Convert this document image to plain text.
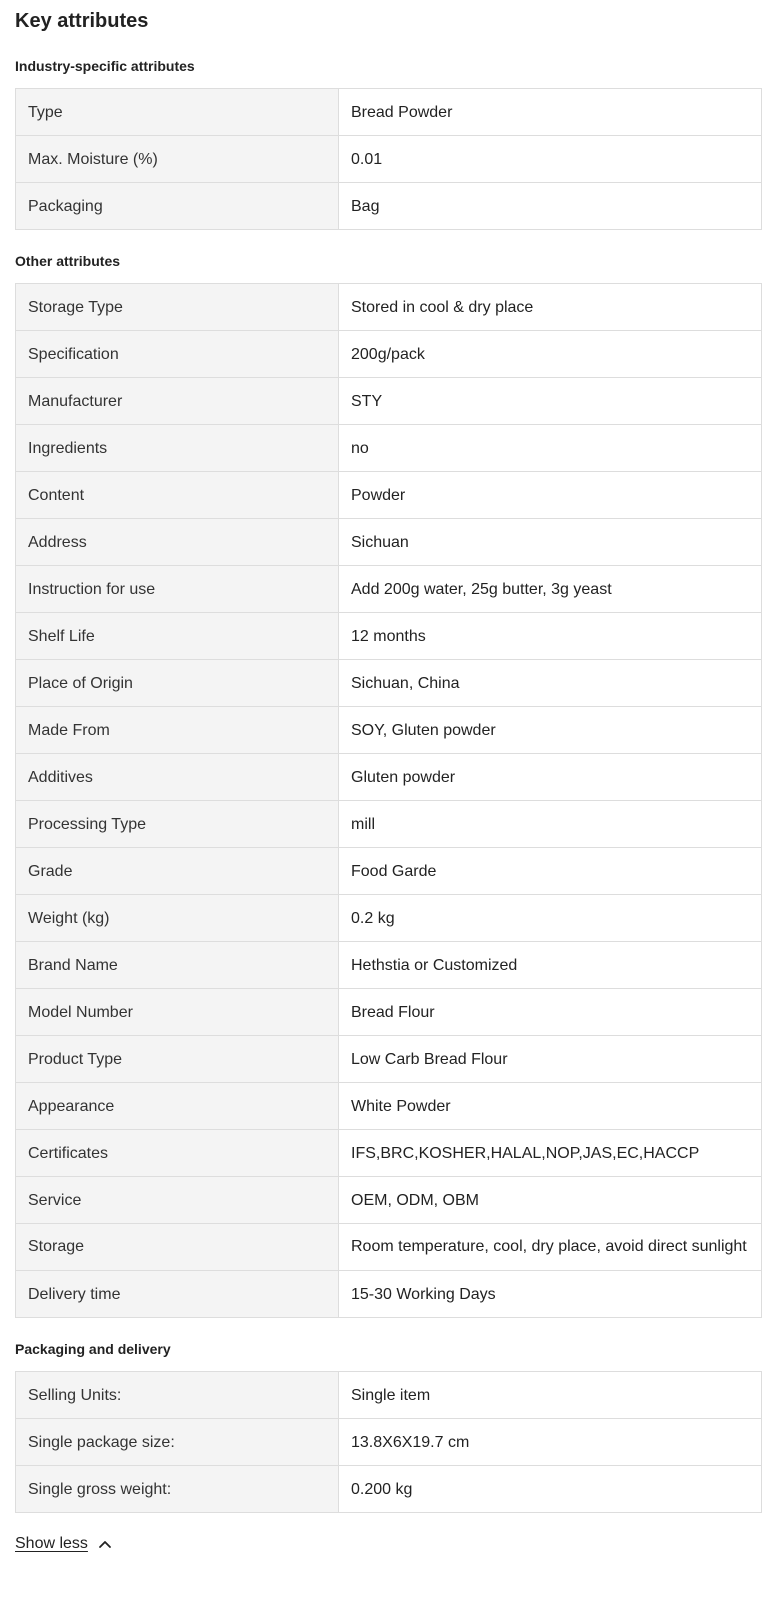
Key attributes
Industry-specific attributes
Type	Bread Powder
Max. Moisture (%)	0.01
Packaging	Bag
Other attributes
Storage Type	Stored in cool & dry place
Specification	200g/pack
Manufacturer	STY
Ingredients	no
Content	Powder
Address	Sichuan
Instruction for use	Add 200g water, 25g butter, 3g yeast
Shelf Life	12 months
Place of Origin	Sichuan, China
Made From	SOY, Gluten powder
Additives	Gluten powder
Processing Type	mill
Grade	Food Garde
Weight (kg)	0.2 kg
Brand Name	Hethstia or Customized
Model Number	Bread Flour
Product Type	Low Carb Bread Flour
Appearance	White Powder
Certificates	IFS,BRC,KOSHER,HALAL,NOP,JAS,EC,HACCP
Service	OEM, ODM, OBM
Storage	Room temperature, cool, dry place, avoid direct sunlight
Delivery time	15-30 Working Days
Packaging and delivery
Selling Units:	Single item
Single package size:	13.8X6X19.7 cm
Single gross weight:	0.200 kg
Show less
